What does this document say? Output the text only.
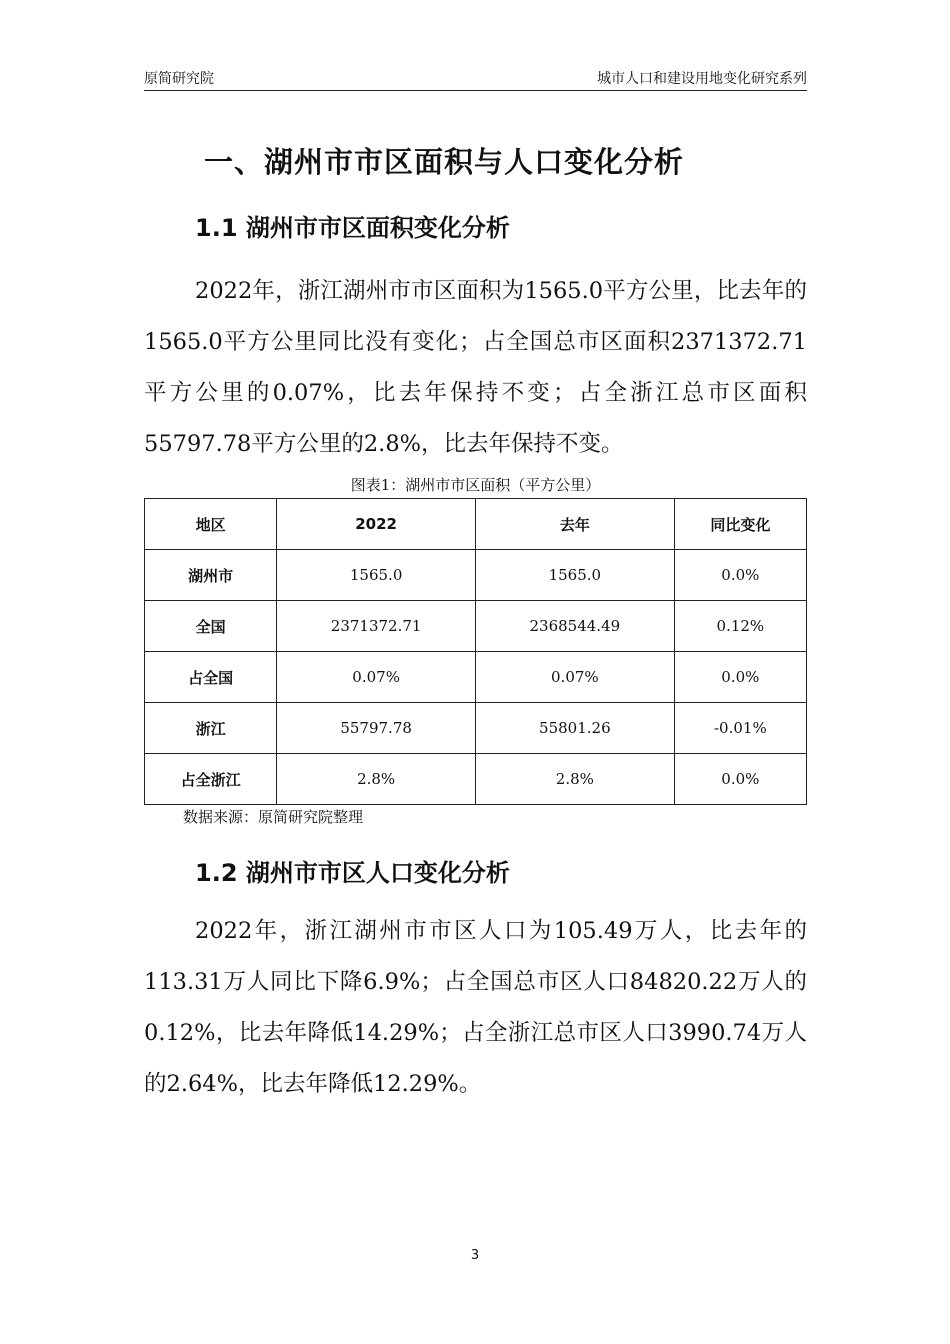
原简研究院	城市人口和建设用地变化研究系列
一、湖州市市区面积与人口变化分析
1.1 湖州市市区面积变化分析

2022年，浙江湖州市市区面积为1565.0平方公里，比去年的1565.0平方公里同比没有变化；占全国总市区面积2371372.71平方公里的0.07%，比去年保持不变；占全浙江总市区面积55797.78平方公里的2.8%，比去年保持不变。

图表1：湖州市市区面积（平方公里）
地区	2022	去年	同比变化
湖州市	1565.0	1565.0	0.0%
全国	2371372.71	2368544.49	0.12%
占全国	0.07%	0.07%	0.0%
浙江	55797.78	55801.26	-0.01%
占全浙江	2.8%	2.8%	0.0%
数据来源：原简研究院整理
1.2 湖州市市区人口变化分析

2022年，浙江湖州市市区人口为105.49万人，比去年的113.31万人同比下降6.9%；占全国总市区人口84820.22万人的0.12%，比去年降低14.29%；占全浙江总市区人口3990.74万人的2.64%，比去年降低12.29%。

3
